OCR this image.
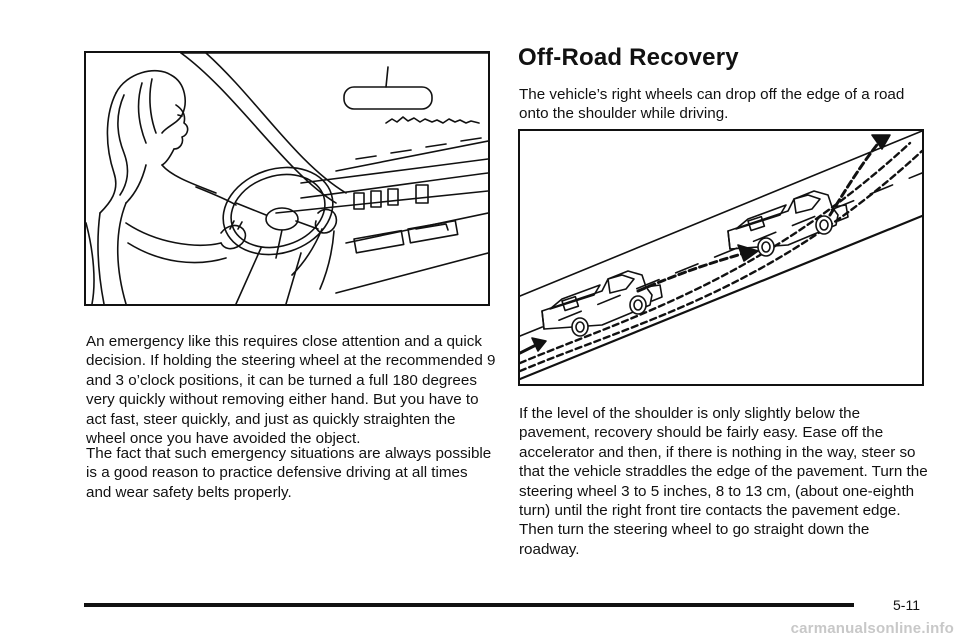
An emergency like this requires close attention and a quick decision. If holding the steering wheel at the recommended 9 and 3 o’clock positions, it can be turned a full 180 degrees very quickly without removing either hand. But you have to act fast, steer quickly, and just as quickly straighten the wheel once you have avoided the object.

The fact that such emergency situations are always possible is a good reason to practice defensive driving at all times and wear safety belts properly.

Off-Road Recovery

The vehicle’s right wheels can drop off the edge of a road onto the shoulder while driving.

If the level of the shoulder is only slightly below the pavement, recovery should be fairly easy. Ease off the accelerator and then, if there is nothing in the way, steer so that the vehicle straddles the edge of the pavement. Turn the steering wheel 3 to 5 inches, 8 to 13 cm, (about one-eighth turn) until the right front tire contacts the pavement edge. Then turn the steering wheel to go straight down the roadway.

5-11
carmanualsonline.info
